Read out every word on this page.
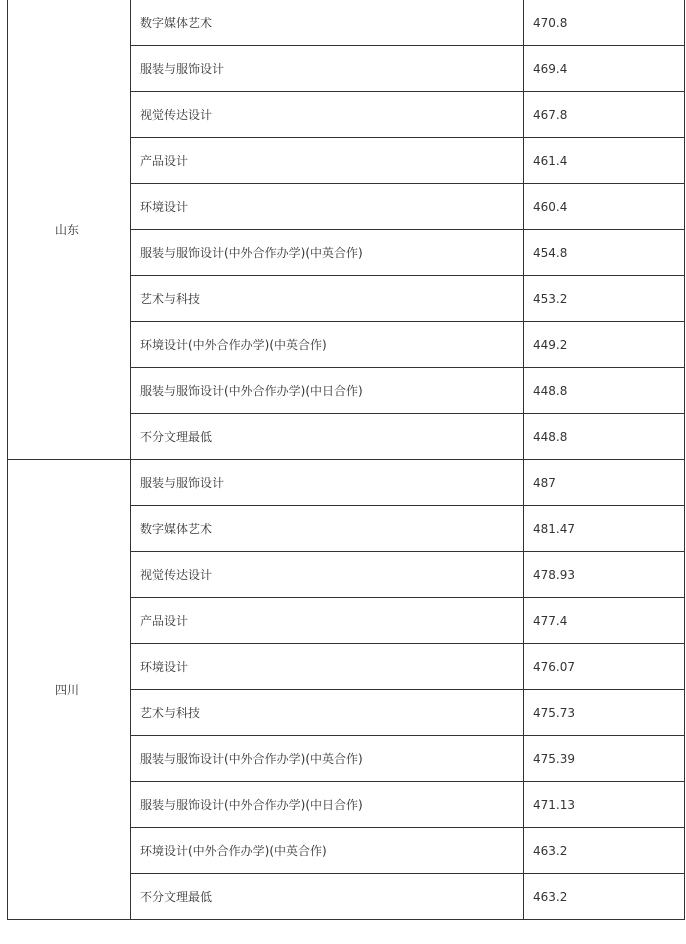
山东	数字媒体艺术	470.8
	服装与服饰设计	469.4
	视觉传达设计	467.8
	产品设计	461.4
	环境设计	460.4
	服装与服饰设计(中外合作办学)(中英合作)	454.8
	艺术与科技	453.2
	环境设计(中外合作办学)(中英合作)	449.2
	服装与服饰设计(中外合作办学)(中日合作)	448.8
	不分文理最低	448.8
四川	服装与服饰设计	487
	数字媒体艺术	481.47
	视觉传达设计	478.93
	产品设计	477.4
	环境设计	476.07
	艺术与科技	475.73
	服装与服饰设计(中外合作办学)(中英合作)	475.39
	服装与服饰设计(中外合作办学)(中日合作)	471.13
	环境设计(中外合作办学)(中英合作)	463.2
	不分文理最低	463.2
